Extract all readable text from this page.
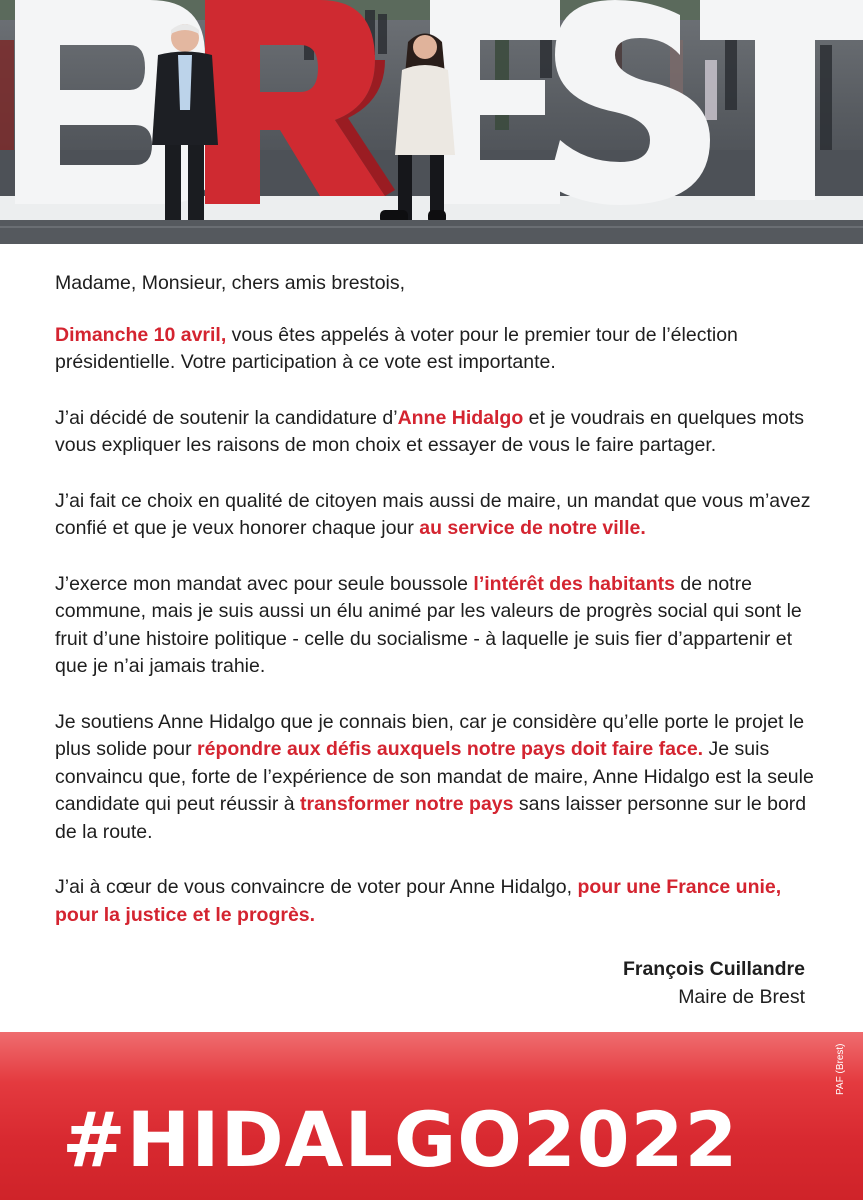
Madame, Monsieur, chers amis brestois,

Dimanche 10 avril, vous êtes appelés à voter pour le premier tour de l’élection présidentielle. Votre participation à ce vote est importante.

J’ai décidé de soutenir la candidature d’Anne Hidalgo et je voudrais en quelques mots vous expliquer les raisons de mon choix et essayer de vous le faire partager.

J’ai fait ce choix en qualité de citoyen mais aussi de maire, un mandat que vous m’avez confié et que je veux honorer chaque jour au service de notre ville.

J’exerce mon mandat avec pour seule boussole l’intérêt des habitants de notre commune, mais je suis aussi un élu animé par les valeurs de progrès social qui sont le fruit d’une histoire politique - celle du socialisme - à laquelle je suis fier d’appartenir et que je n’ai jamais trahie.

Je soutiens Anne Hidalgo que je connais bien, car je considère qu’elle porte le projet le plus solide pour répondre aux défis auxquels notre pays doit faire face. Je suis convaincu que, forte de l’expérience de son mandat de maire, Anne Hidalgo est la seule candidate qui peut réussir à transformer notre pays sans laisser personne sur le bord de la route.

J’ai à cœur de vous convaincre de voter pour Anne Hidalgo, pour une France unie, pour la justice et le progrès.

François Cuillandre
Maire de Brest
#HIDALGO2022
PAF (Brest)
